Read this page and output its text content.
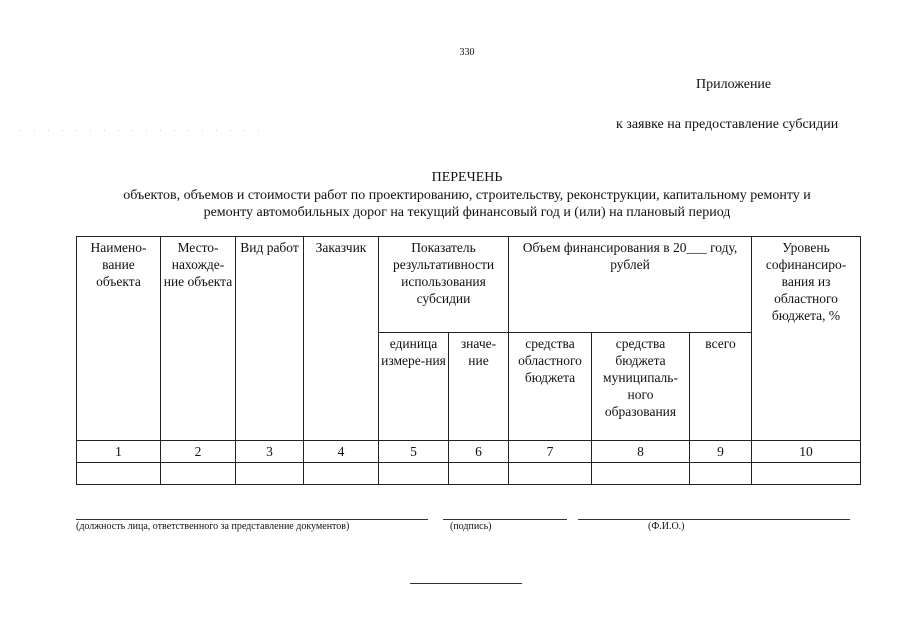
330
Приложение
к заявке на предоставление субсидии
ПЕРЕЧЕНЬ
объектов, объемов и стоимости работ по проектированию, строительству, реконструкции, капитальному ремонту и
ремонту автомобильных дорог на текущий финансовый год и (или) на плановый период
Наимено-вание объекта	Место-нахожде-ние объекта	Вид работ	Заказчик	Показатель результативности использования субсидии		Объем финансирования в 20___ году, рублей			Уровень софинансиро-вания из областного бюджета, %
				единица измере-ния	значе-ние	средства областного бюджета	средства бюджета муниципаль-ного образования	всего	
1	2	3	4	5	6	7	8	9	10

(должность лица, ответственного за представление документов)	(подпись)	(Ф.И.О.)
